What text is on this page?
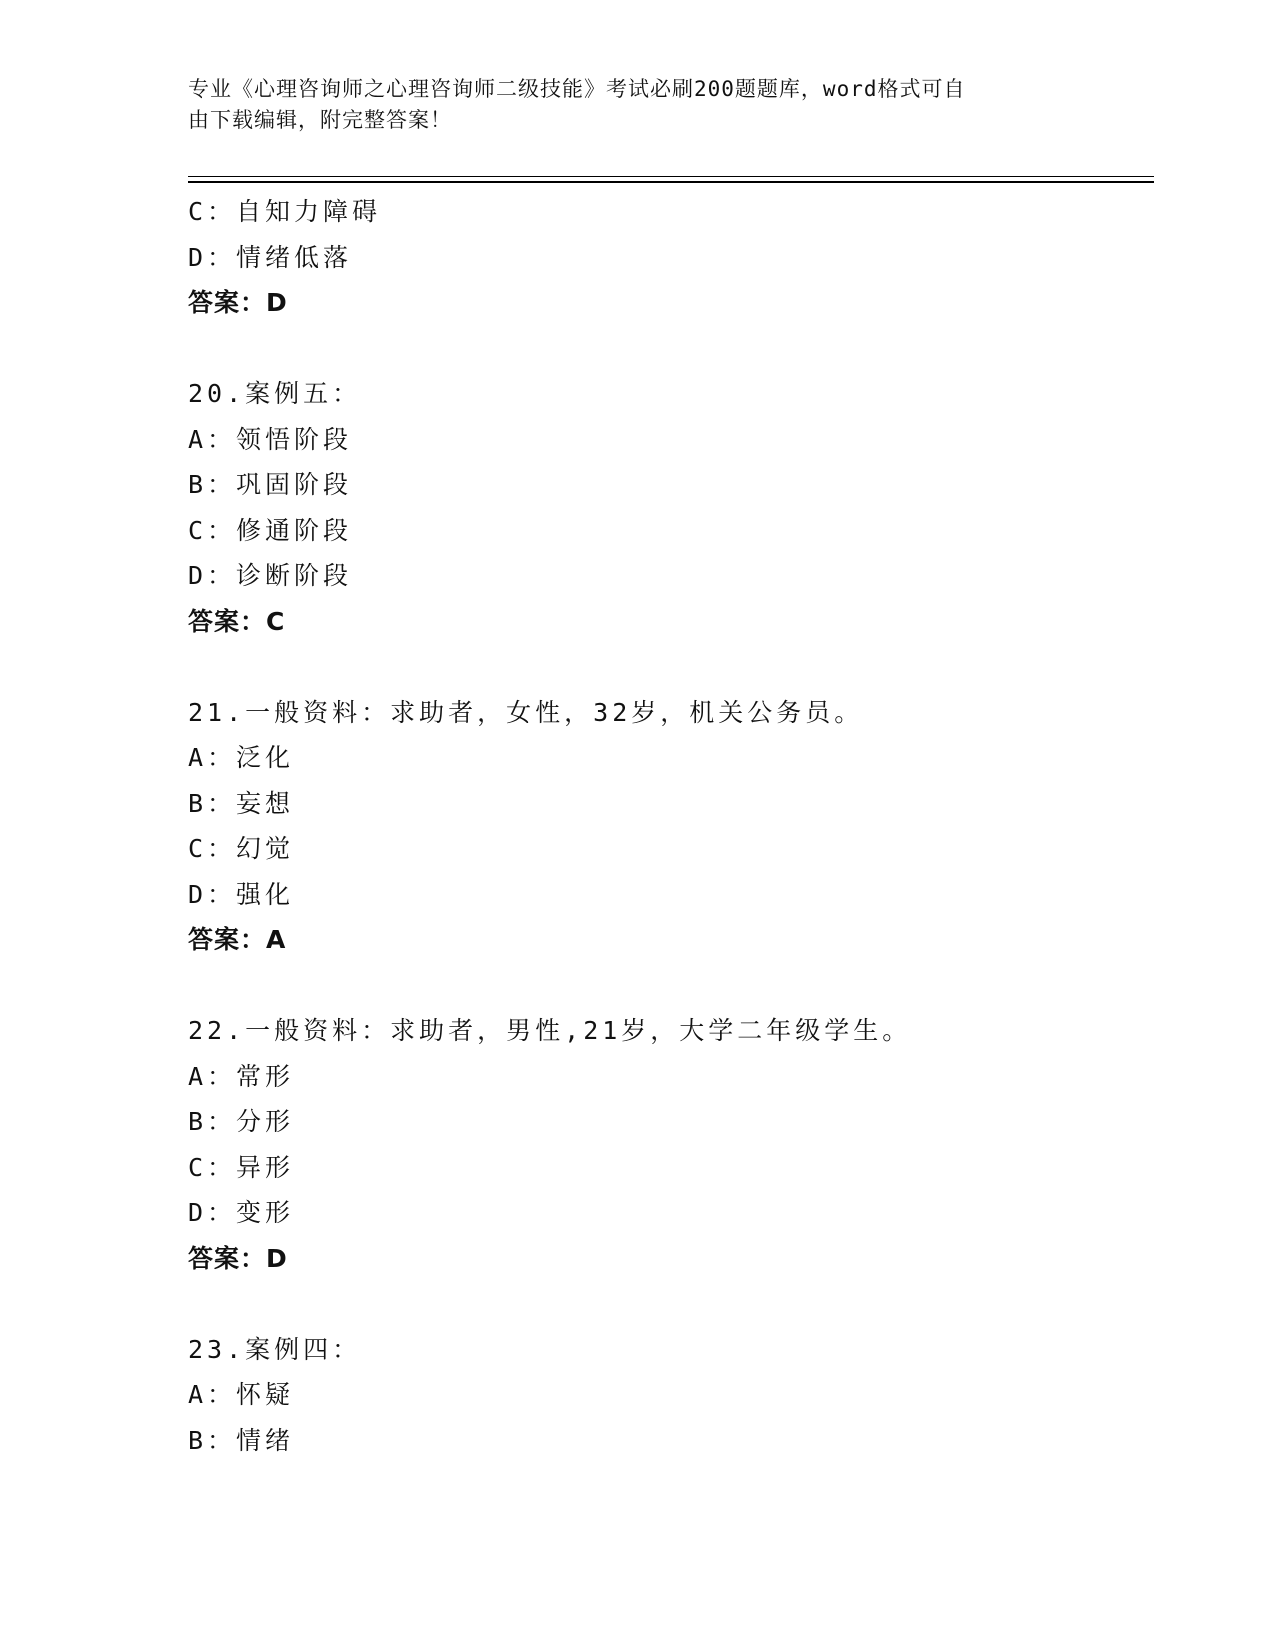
专业《心理咨询师之心理咨询师二级技能》考试必刷200题题库，word格式可自
由下载编辑，附完整答案！
C：自知力障碍
D：情绪低落
答案：D
20.案例五：
A：领悟阶段
B：巩固阶段
C：修通阶段
D：诊断阶段
答案：C
21.一般资料：求助者，女性，32岁，机关公务员。
A：泛化
B：妄想
C：幻觉
D：强化
答案：A
22.一般资料：求助者，男性,21岁，大学二年级学生。
A：常形
B：分形
C：异形
D：变形
答案：D
23.案例四：
A：怀疑
B：情绪
